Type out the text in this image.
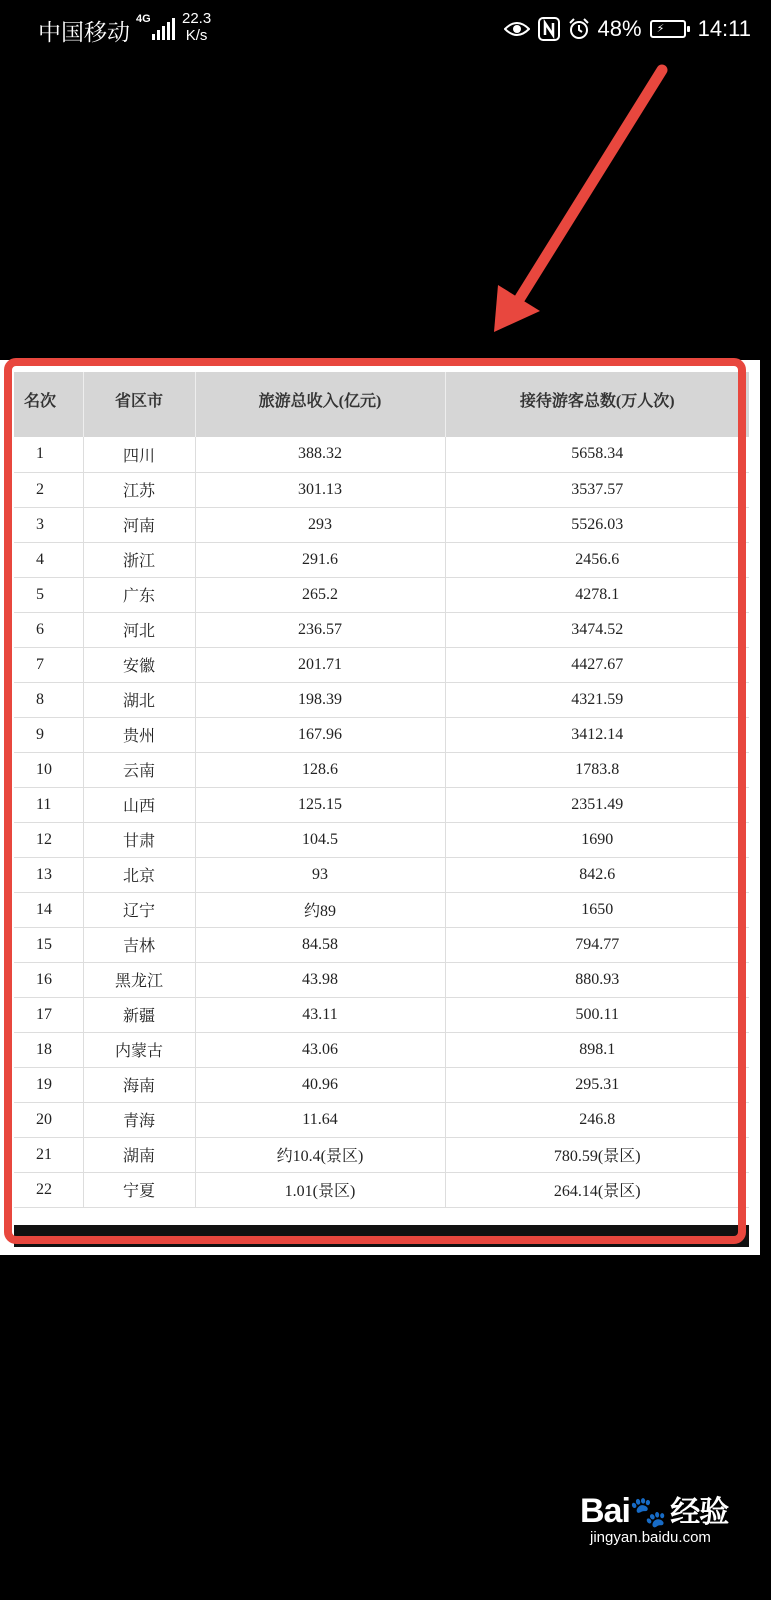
中国移动 4G 22.3
K/s	48% ⚡ 14:11
名次	省区市	旅游总收入(亿元)	接待游客总数(万人次)
1	四川	388.32	5658.34
2	江苏	301.13	3537.57
3	河南	293	5526.03
4	浙江	291.6	2456.6
5	广东	265.2	4278.1
6	河北	236.57	3474.52
7	安徽	201.71	4427.67
8	湖北	198.39	4321.59
9	贵州	167.96	3412.14
10	云南	128.6	1783.8
11	山西	125.15	2351.49
12	甘肃	104.5	1690
13	北京	93	842.6
14	辽宁	约89	1650
15	吉林	84.58	794.77
16	黑龙江	43.98	880.93
17	新疆	43.11	500.11
18	内蒙古	43.06	898.1
19	海南	40.96	295.31
20	青海	11.64	246.8
21	湖南	约10.4(景区)	780.59(景区)
22	宁夏	1.01(景区)	264.14(景区)
Bai🐾 经验
jingyan.baidu.com
